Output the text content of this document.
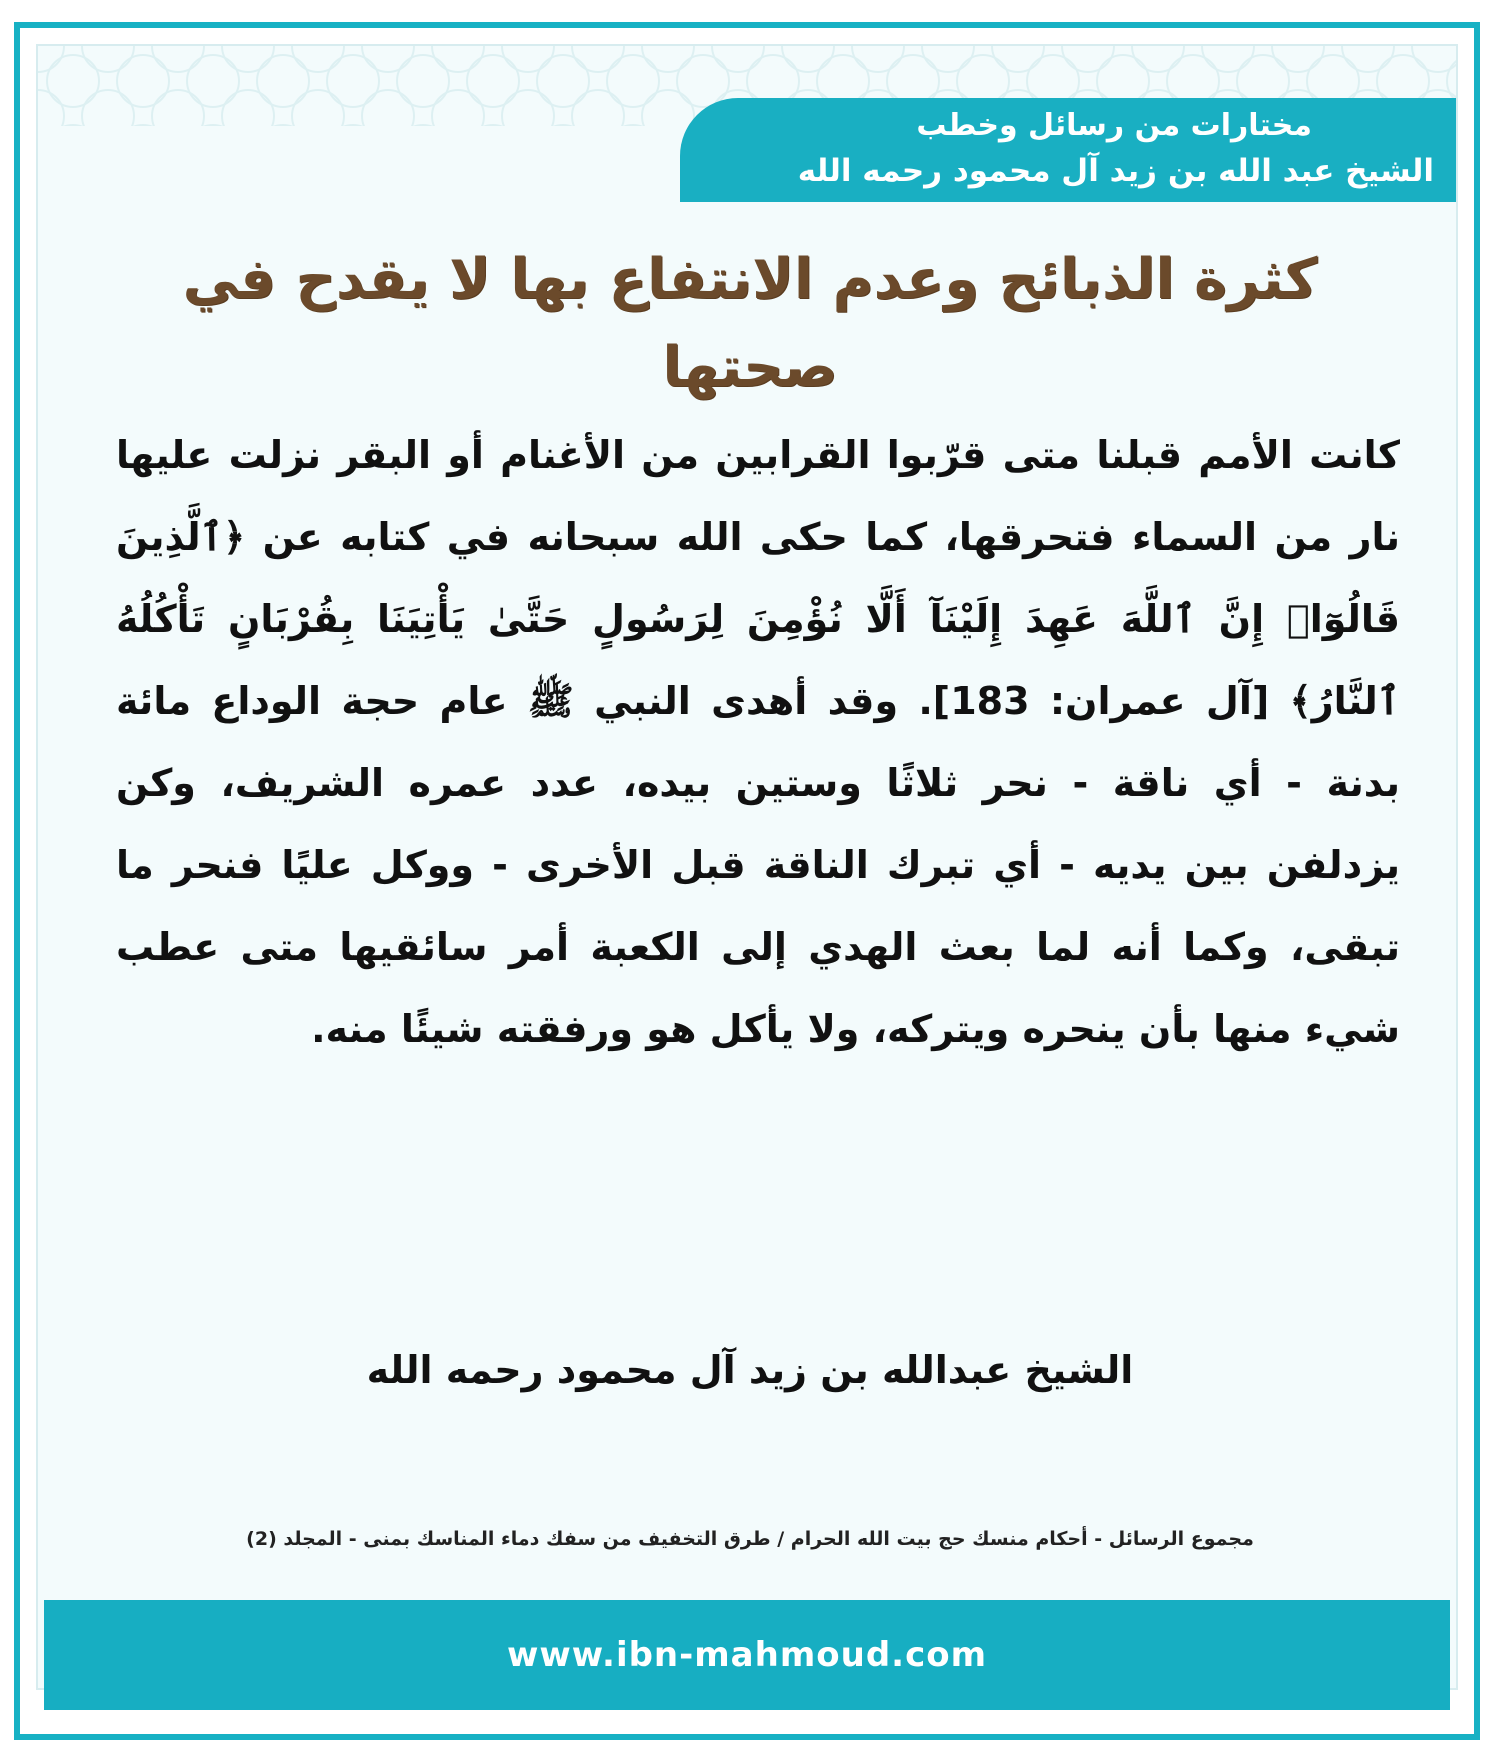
مختارات من رسائل وخطب
الشيخ عبد الله بن زيد آل محمود رحمه الله
كثرة الذبائح وعدم الانتفاع بها لا يقدح في صحتها

كانت الأمم قبلنا متى قرّبوا القرابين من الأغنام أو البقر نزلت عليها نار من السماء فتحرقها، كما حكى الله سبحانه في كتابه عن ﴿ٱلَّذِينَ قَالُوٓا۟ إِنَّ ٱللَّهَ عَهِدَ إِلَيْنَآ أَلَّا نُؤْمِنَ لِرَسُولٍ حَتَّىٰ يَأْتِيَنَا بِقُرْبَانٍ تَأْكُلُهُ ٱلنَّارُ﴾ [آل عمران: 183]. وقد أهدى النبي ﷺ عام حجة الوداع مائة بدنة - أي ناقة - نحر ثلاثًا وستين بيده، عدد عمره الشريف، وكن يزدلفن بين يديه - أي تبرك الناقة قبل الأخرى - ووكل عليًا فنحر ما تبقى، وكما أنه لما بعث الهدي إلى الكعبة أمر سائقيها متى عطب شيء منها بأن ينحره ويتركه، ولا يأكل هو ورفقته شيئًا منه.

الشيخ عبدالله بن زيد آل محمود رحمه الله
مجموع الرسائل - أحكام منسك حج بيت الله الحرام / طرق التخفيف من سفك دماء المناسك بمنى - المجلد (2)
www.ibn-mahmoud.com
